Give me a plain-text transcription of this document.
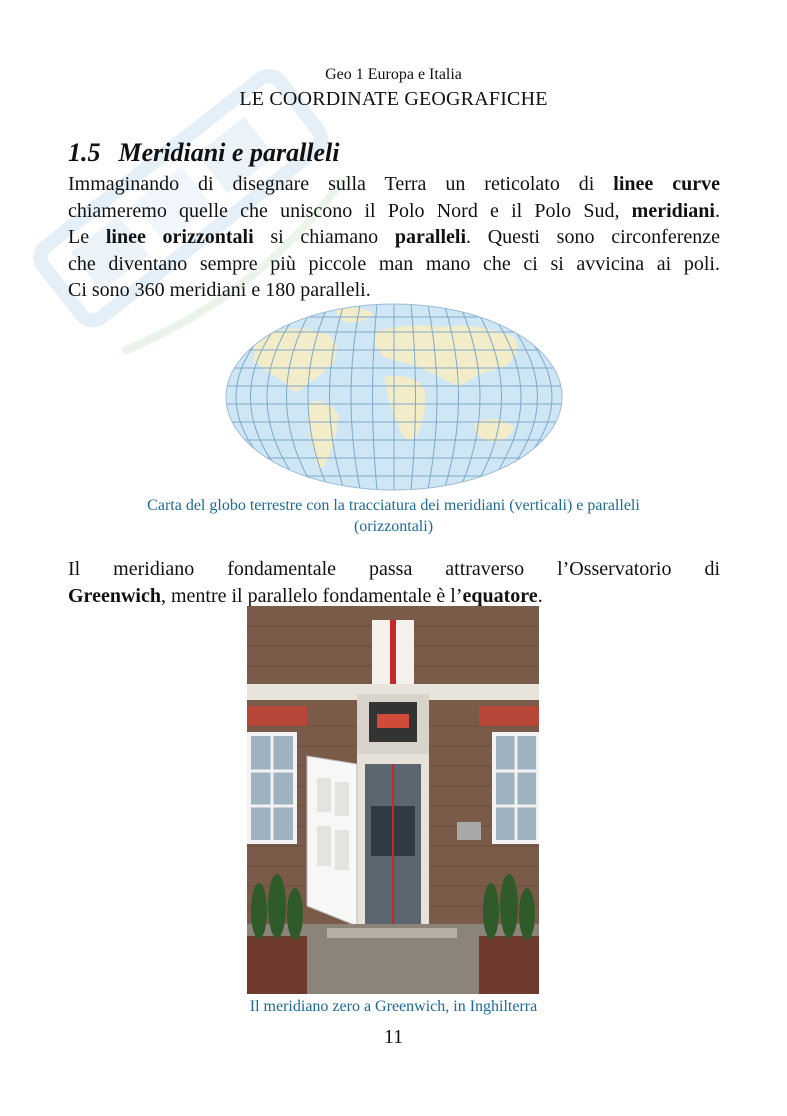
Geo 1 Europa e Italia
LE COORDINATE GEOGRAFICHE
1.5 Meridiani e paralleli
Immaginando di disegnare sulla Terra un reticolato di linee curve
chiameremo quelle che uniscono il Polo Nord e il Polo Sud, meridiani.
Le linee orizzontali si chiamano paralleli. Questi sono circonferenze
che diventano sempre più piccole man mano che ci si avvicina ai poli.
Ci sono 360 meridiani e 180 paralleli.
Carta del globo terrestre con la tracciatura dei meridiani (verticali) e paralleli
(orizzontali)
Il meridiano fondamentale passa attraverso l’Osservatorio di
Greenwich, mentre il parallelo fondamentale è l’equatore.
Il meridiano zero a Greenwich, in Inghilterra
11
